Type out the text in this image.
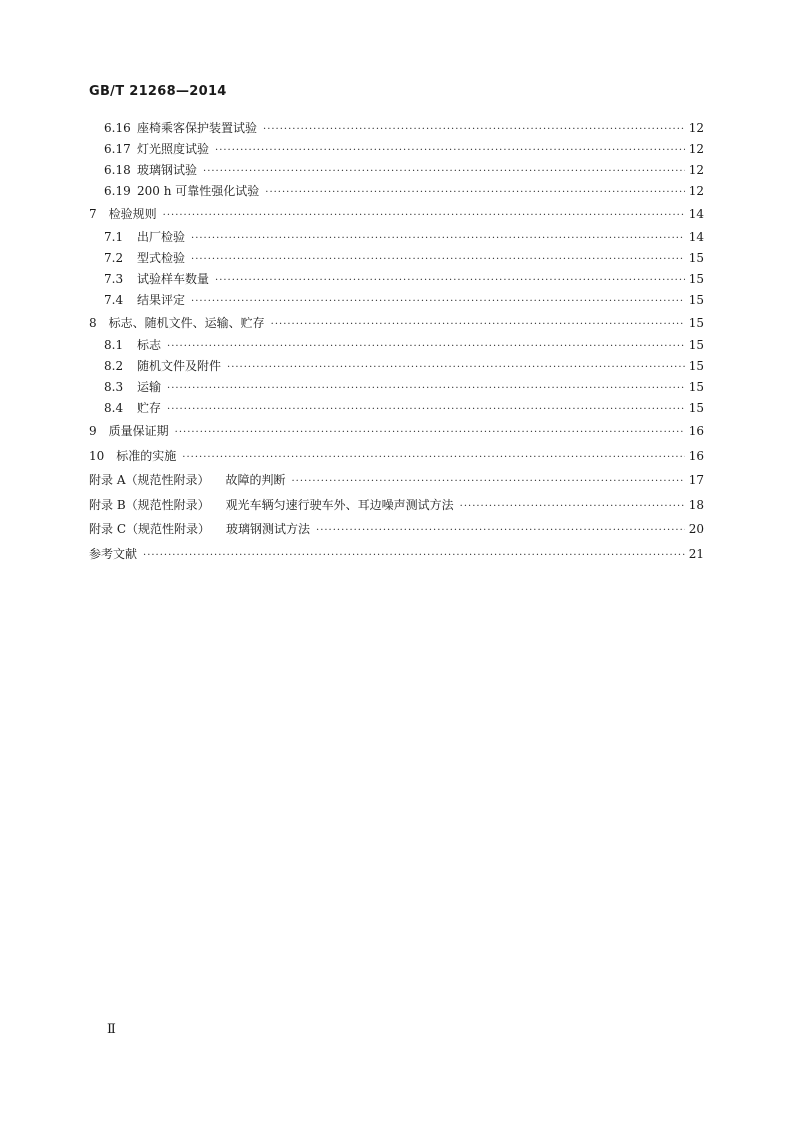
GB/T 21268—2014
6.16 座椅乘客保护装置试验 ·····	12
6.17 灯光照度试验 ·····	12
6.18 玻璃钢试验 ·····	12
6.19 200 h 可靠性强化试验 ·····	12
7 检验规则 ·····	14
7.1	出厂检验 ·····	14
7.2	型式检验 ·····	15
7.3	试验样车数量 ·····	15
7.4	结果评定 ·····	15
8 标志、随机文件、运输、贮存 ·····	15
8.1	标志 ·····	15
8.2	随机文件及附件 ·····	15
8.3	运输 ·····	15
8.4	贮存 ·····	15
9 质量保证期 ·····	16
10 标准的实施 ·····	16
附录 A（规范性附录） 故障的判断 ·····	17
附录 B（规范性附录） 观光车辆匀速行驶车外、耳边噪声测试方法 ·····	18
附录 C（规范性附录） 玻璃钢测试方法 ·····	20
参考文献 ·····	21
Ⅱ
